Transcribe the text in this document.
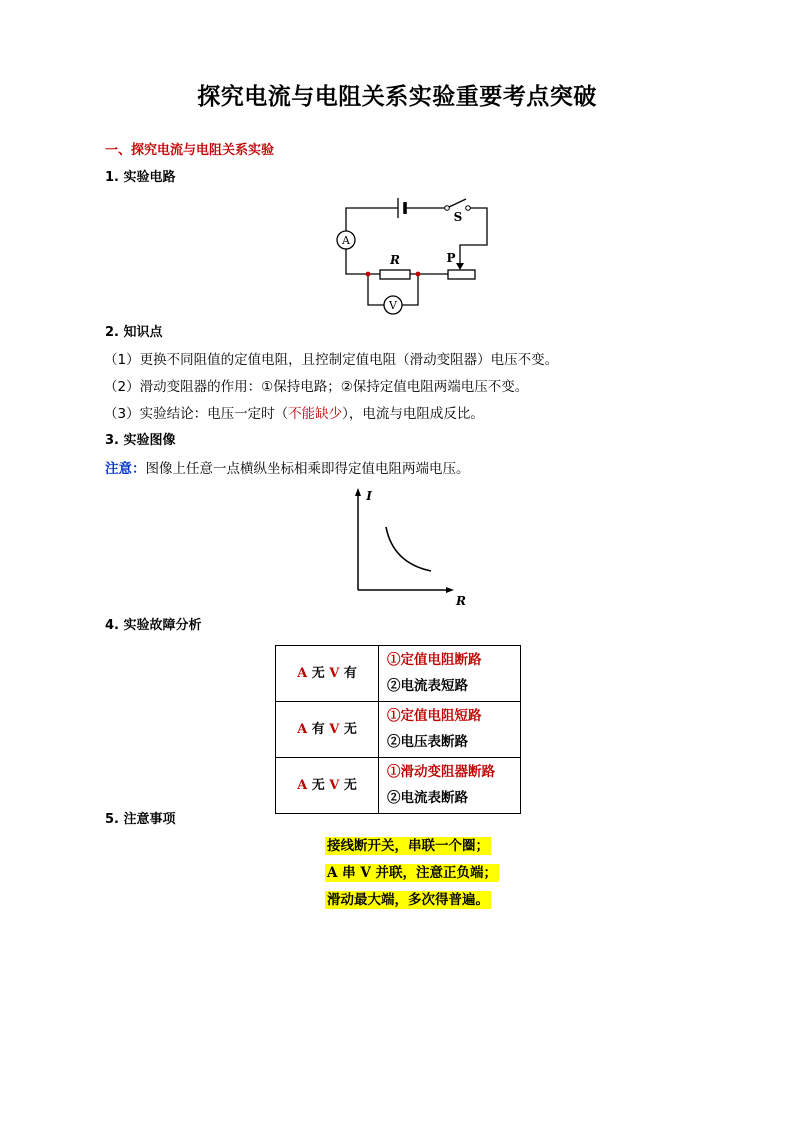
探究电流与电阻关系实验重要考点突破
一、探究电流与电阻关系实验
1. 实验电路
S
A
R
V
P
2. 知识点
（1）更换不同阻值的定值电阻，且控制定值电阻（滑动变阻器）电压不变。
（2）滑动变阻器的作用：①保持电路；②保持定值电阻两端电压不变。
（3）实验结论：电压一定时（不能缺少），电流与电阻成反比。
3. 实验图像
注意：图像上任意一点横纵坐标相乘即得定值电阻两端电压。
I
R
4. 实验故障分析
A 无 V 有	①定值电阻断路
②电流表短路

A 有 V 无	①定值电阻短路
②电压表断路

A 无 V 无	①滑动变阻器断路
②电流表断路
5. 注意事项
接线断开关，串联一个圈；
A 串 V 并联，注意正负端；
滑动最大端，多次得普遍。
